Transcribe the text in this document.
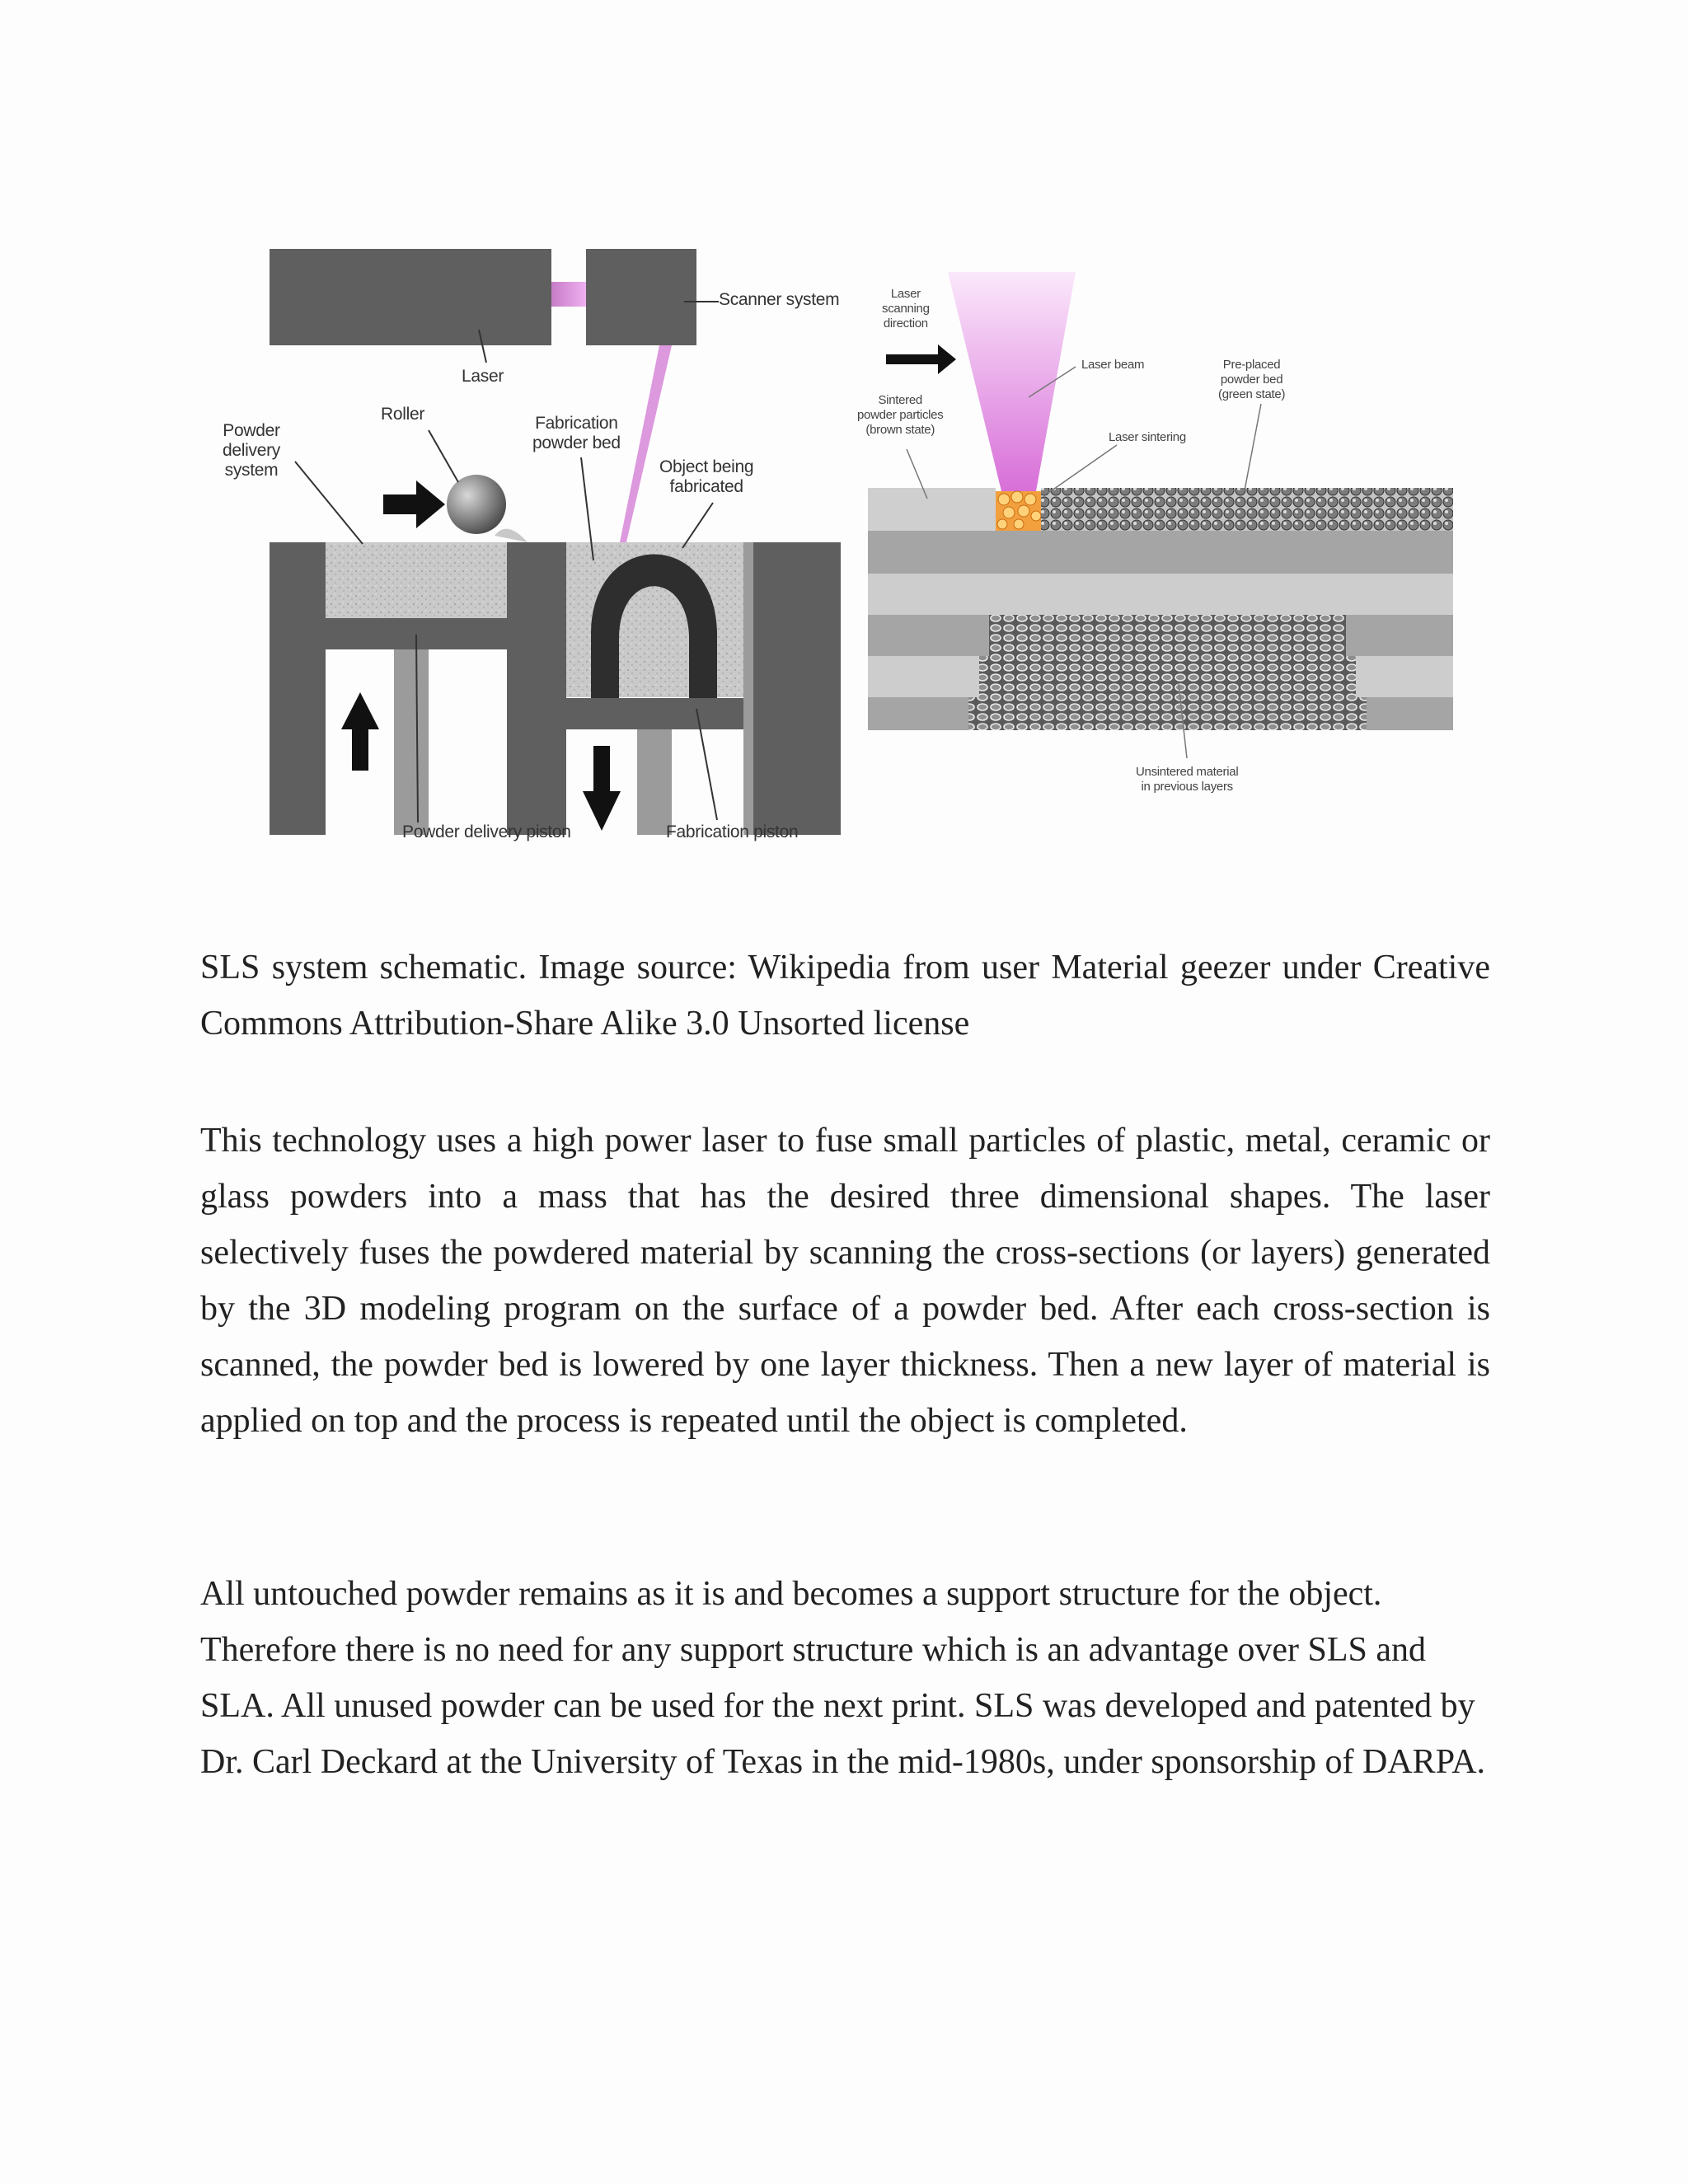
Laser
Scanner system
Roller
Powder
delivery
system
Fabrication
powder bed
Object being
fabricated
Powder delivery piston	Fabrication piston
Laser
scanning
direction
Laser beam	Pre-placed
powder bed
(green state)
Sintered
powder particles
(brown state)
Laser sintering
Unsintered material
in previous layers

SLS system schematic. Image source: Wikipedia from user Material geezer under Creative Commons Attribution-Share Alike 3.0 Unsorted license

This technology uses a high power laser to fuse small particles of plastic, metal, ceramic or glass powders into a mass that has the desired three dimensional shapes. The laser selectively fuses the powdered material by scanning the cross-sections (or layers) generated by the 3D modeling program on the surface of a powder bed. After each cross-section is scanned, the powder bed is lowered by one layer thickness. Then a new layer of material is applied on top and the process is repeated until the object is completed.

All untouched powder remains as it is and becomes a support structure for the object. Therefore there is no need for any support structure which is an advantage over SLS and SLA. All unused powder can be used for the next print. SLS was developed and patented by Dr. Carl Deckard at the University of Texas in the mid-1980s, under sponsorship of DARPA.
